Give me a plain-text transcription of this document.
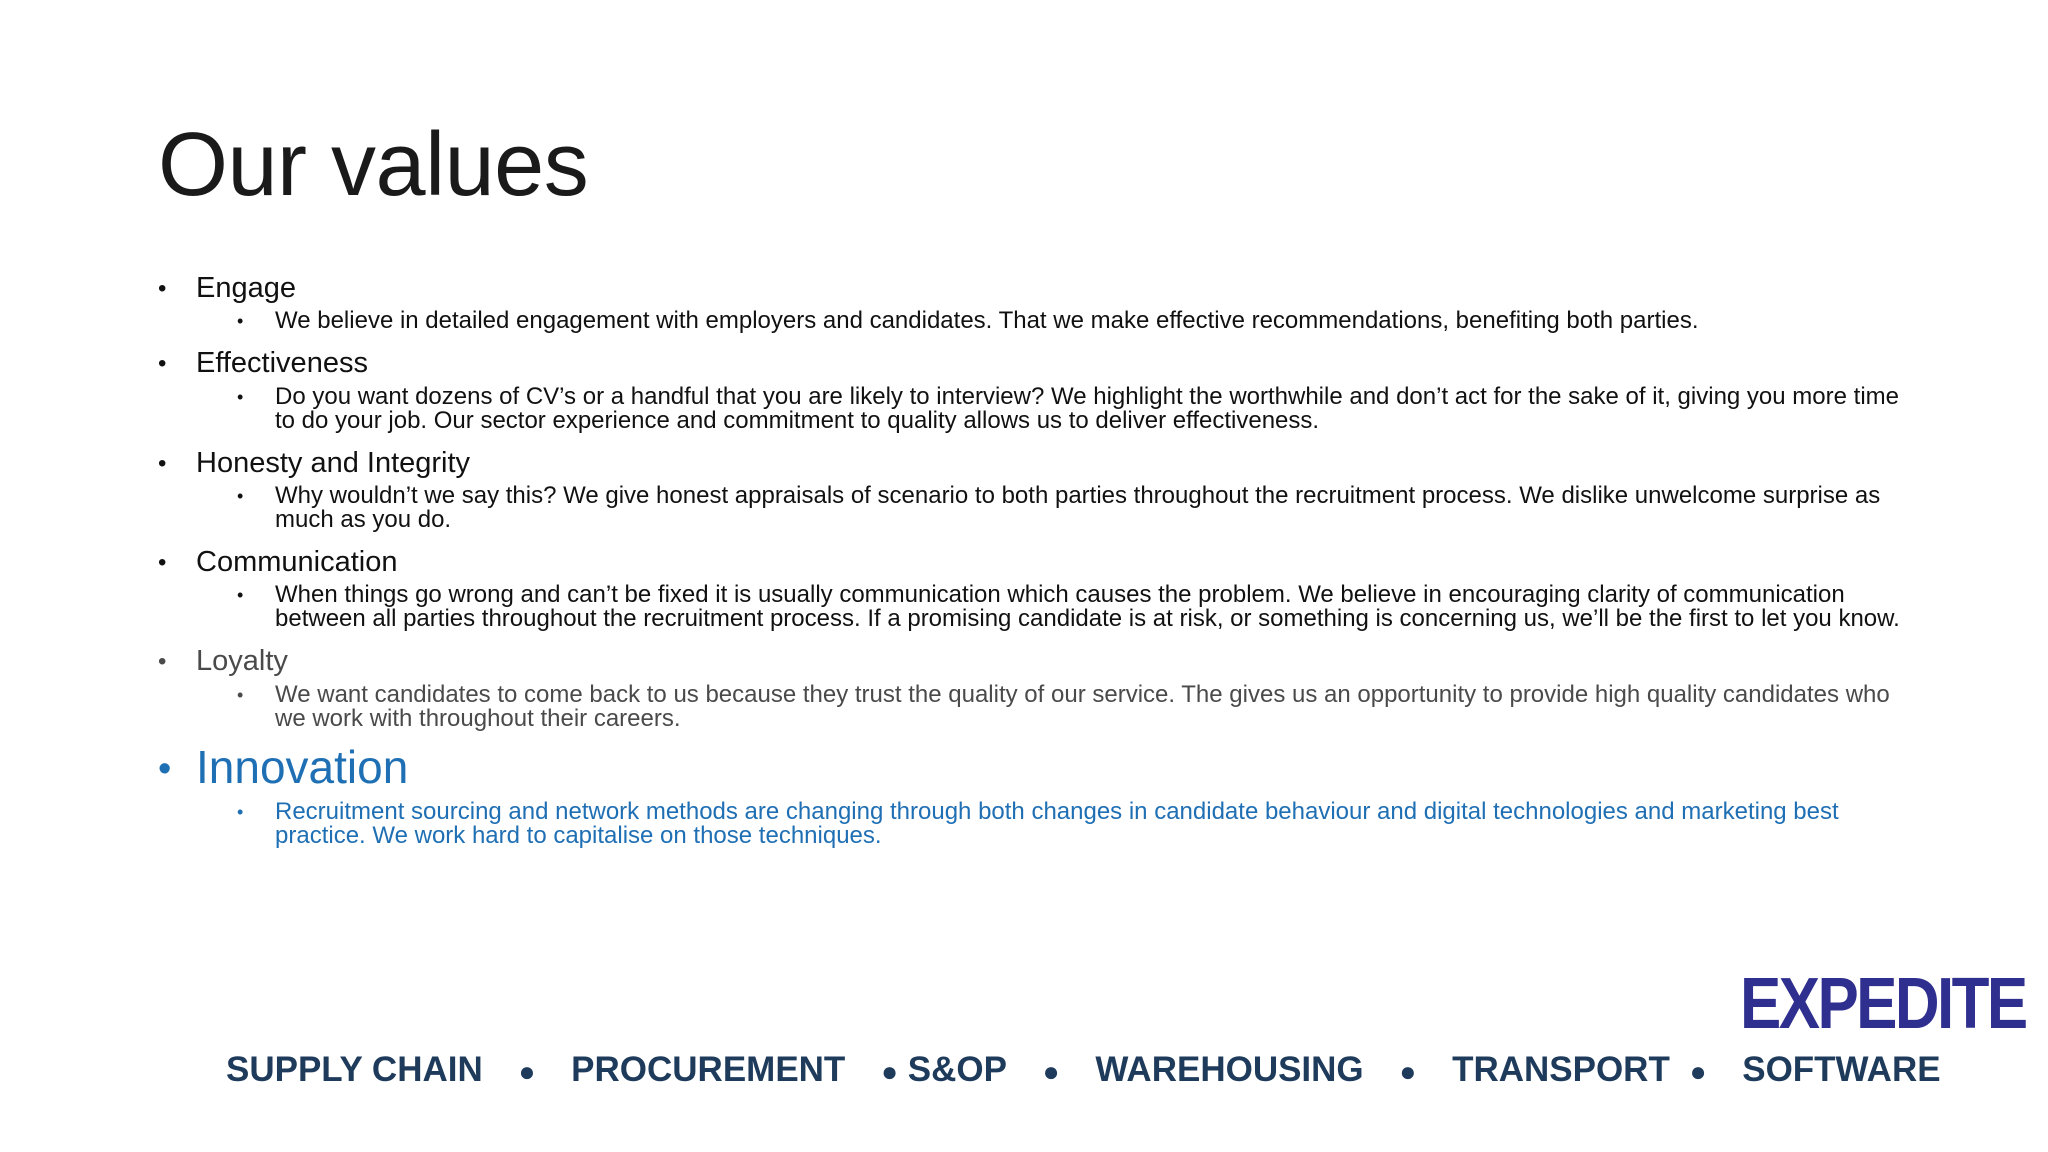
Our values
• Engage
• We believe in detailed engagement with employers and candidates. That we make effective recommendations, benefiting both parties.
• Effectiveness
• Do you want dozens of CV’s or a handful that you are likely to interview? We highlight the worthwhile and don’t act for the sake of it, giving you more time to do your job. Our sector experience and commitment to quality allows us to deliver effectiveness.
• Honesty and Integrity
• Why wouldn’t we say this? We give honest appraisals of scenario to both parties throughout the recruitment process. We dislike unwelcome surprise as much as you do.
• Communication
• When things go wrong and can’t be fixed it is usually communication which causes the problem. We believe in encouraging clarity of communication between all parties throughout the recruitment process. If a promising candidate is at risk, or something is concerning us, we’ll be the first to let you know.
• Loyalty
• We want candidates to come back to us because they trust the quality of our service. The gives us an opportunity to provide high quality candidates who we work with throughout their careers.
• Innovation
• Recruitment sourcing and network methods are changing through both changes in candidate behaviour and digital technologies and marketing best practice. We work hard to capitalise on those techniques.
EXPEDITE
SUPPLY CHAIN ● PROCUREMENT ● S&OP ● WAREHOUSING ● TRANSPORT ● SOFTWARE
